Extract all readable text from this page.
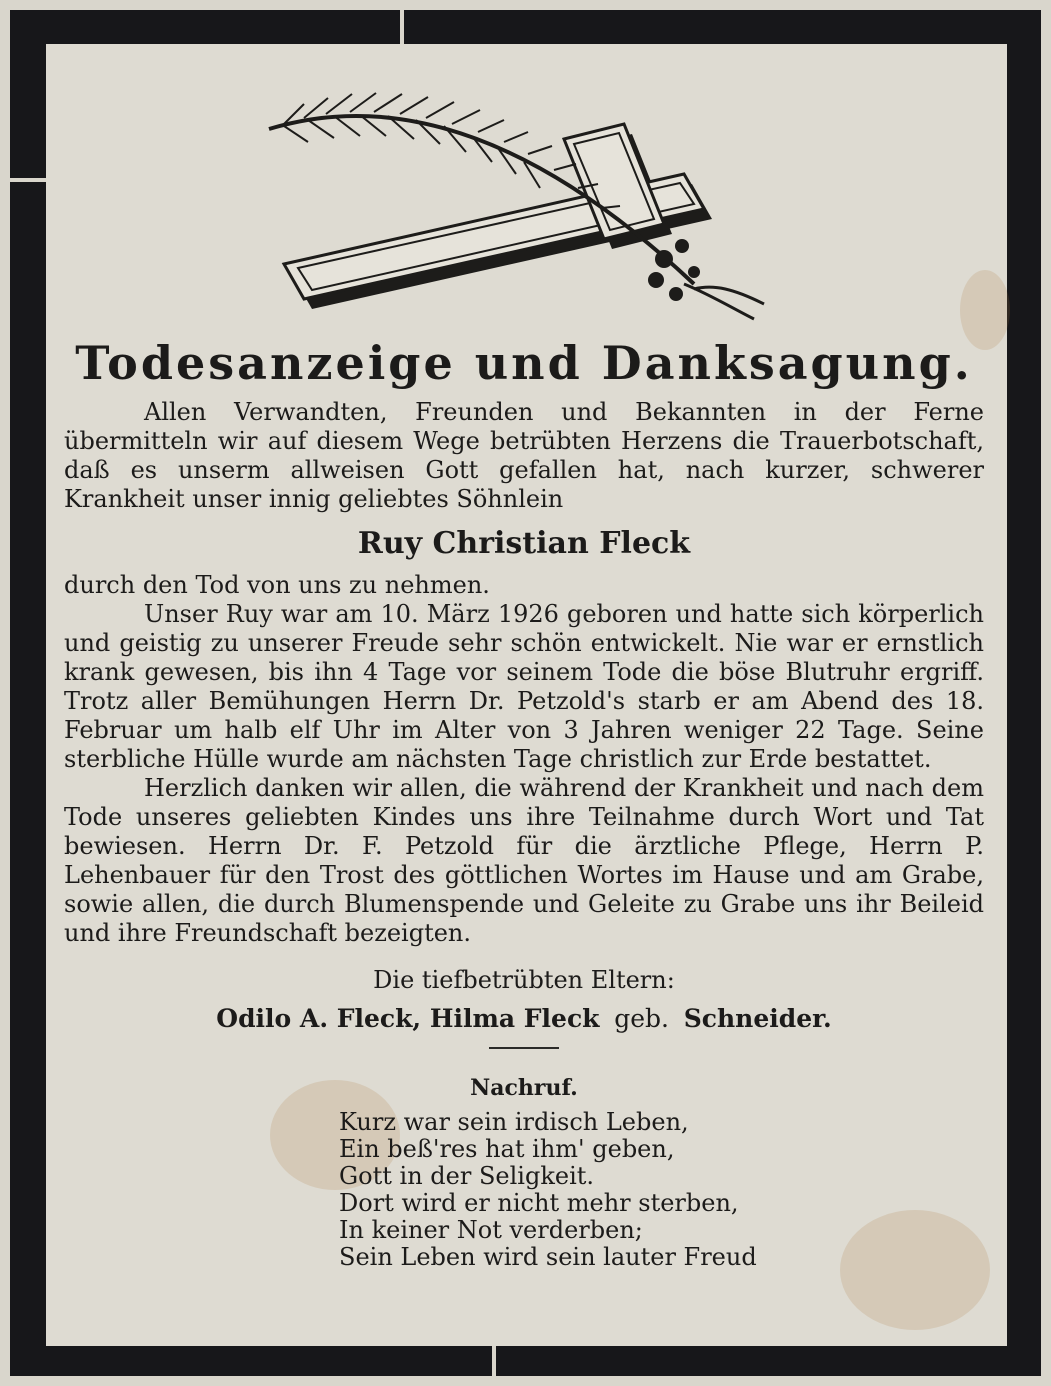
Todesanzeige und Danksagung.

Allen Verwandten, Freunden und Bekannten in der Ferne übermitteln wir auf diesem Wege betrübten Herzens die Trauerbotschaft, daß es unserm allweisen Gott gefallen hat, nach kurzer, schwerer Krankheit unser innig geliebtes Söhnlein

Ruy Christian Fleck

durch den Tod von uns zu nehmen.

Unser Ruy war am 10. März 1926 geboren und hatte sich körperlich und geistig zu unserer Freude sehr schön entwickelt. Nie war er ernstlich krank gewesen, bis ihn 4 Tage vor seinem Tode die böse Blutruhr ergriff. Trotz aller Bemühungen Herrn Dr. Petzold's starb er am Abend des 18. Februar um halb elf Uhr im Alter von 3 Jahren weniger 22 Tage. Seine sterbliche Hülle wurde am nächsten Tage christlich zur Erde bestattet.

Herzlich danken wir allen, die während der Krankheit und nach dem Tode unseres geliebten Kindes uns ihre Teilnahme durch Wort und Tat bewiesen. Herrn Dr. F. Petzold für die ärztliche Pflege, Herrn P. Lehenbauer für den Trost des göttlichen Wortes im Hause und am Grabe, sowie allen, die durch Blumenspende und Geleite zu Grabe uns ihr Beileid und ihre Freundschaft bezeigten.

Die tiefbetrübten Eltern:
Odilo A. Fleck, Hilma Fleck geb. Schneider.
Nachruf.
Kurz war sein irdisch Leben,
Ein beß'res hat ihm' geben,
Gott in der Seligkeit.
Dort wird er nicht mehr sterben,
In keiner Not verderben;
Sein Leben wird sein lauter Freud
